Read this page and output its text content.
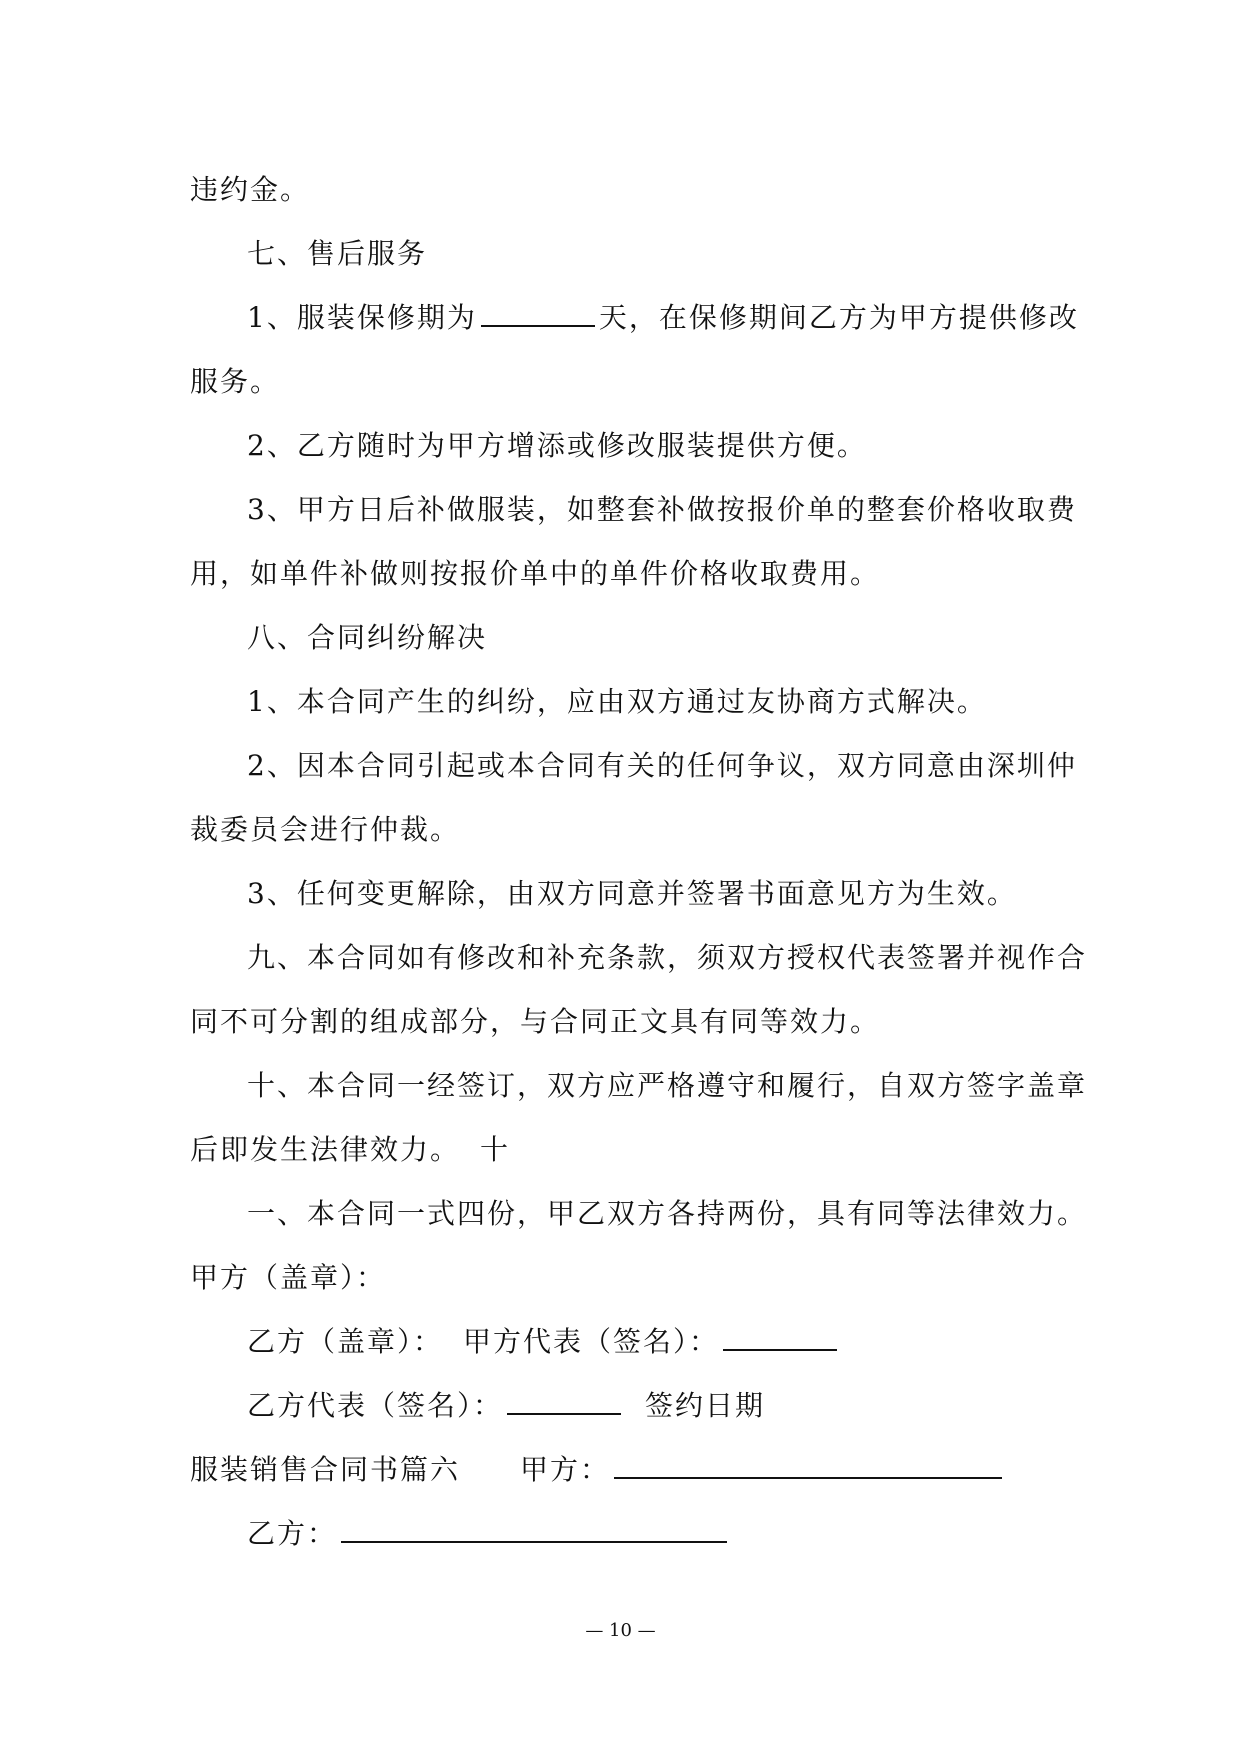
违约金。
七、售后服务
1、服装保修期为	天，在保修期间乙方为甲方提供修改
服务。
2、乙方随时为甲方增添或修改服装提供方便。
3、甲方日后补做服装，如整套补做按报价单的整套价格收取费
用，如单件补做则按报价单中的单件价格收取费用。
八、合同纠纷解决
1、本合同产生的纠纷，应由双方通过友协商方式解决。
2、因本合同引起或本合同有关的任何争议，双方同意由深圳仲
裁委员会进行仲裁。
3、任何变更解除，由双方同意并签署书面意见方为生效。
九、本合同如有修改和补充条款，须双方授权代表签署并视作合
同不可分割的组成部分，与合同正文具有同等效力。
十、本合同一经签订，双方应严格遵守和履行，自双方签字盖章
后即发生法律效力。 十
一、本合同一式四份，甲乙双方各持两份，具有同等法律效力。
甲方（盖章）：
乙方（盖章）： 甲方代表（签名）：
乙方代表（签名）：	签约日期
服装销售合同书篇六 甲方：
乙方：
— 10 —
